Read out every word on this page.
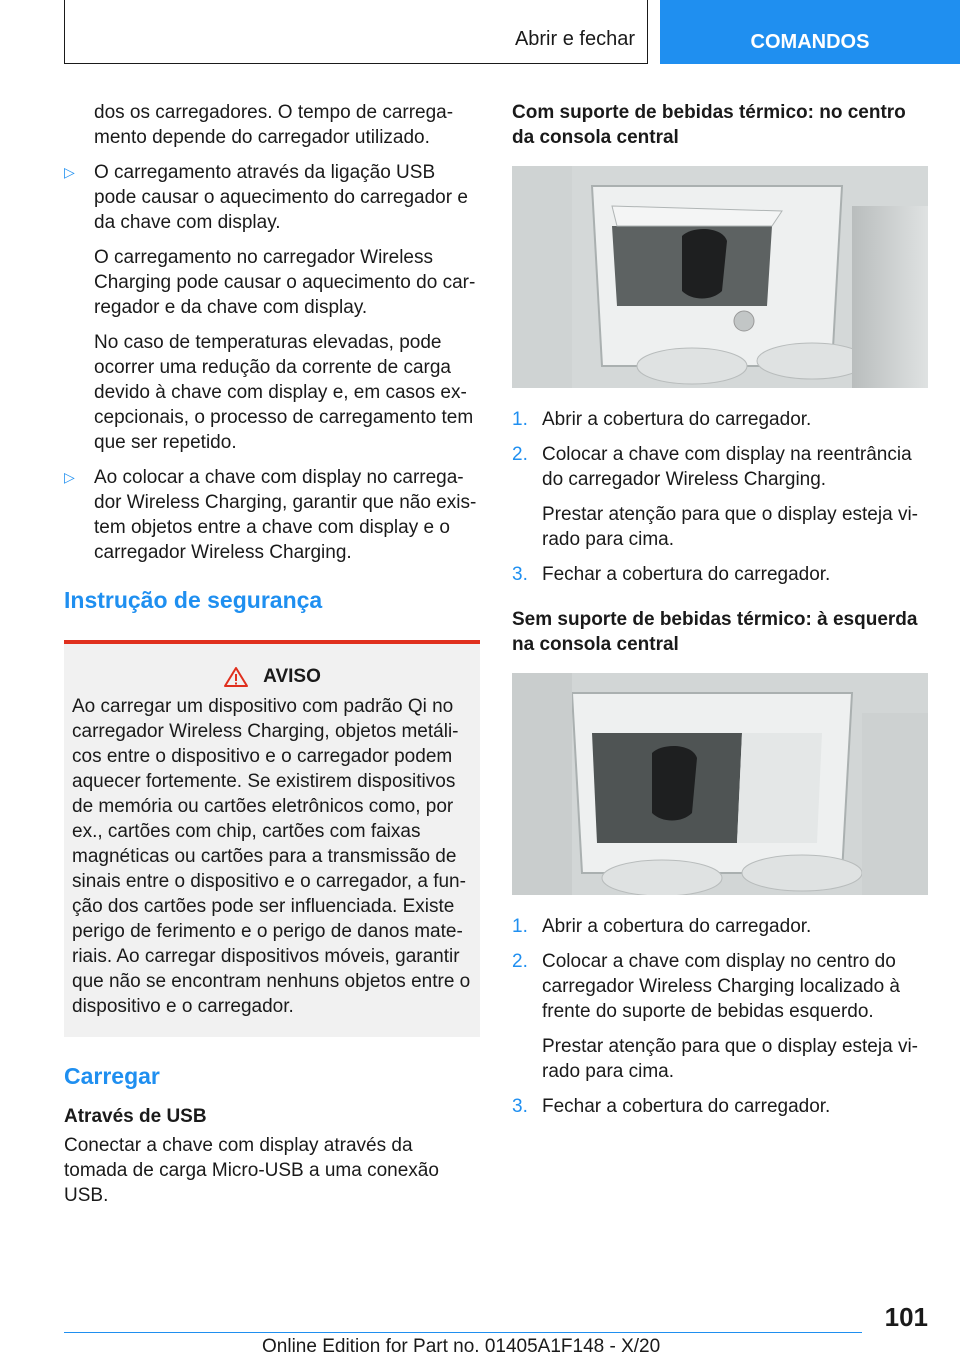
Abrir e fechar	COMANDOS

dos os carregadores. O tempo de carrega-mento depende do carregador utilizado.

▷ O carregamento através da ligação USB pode causar o aquecimento do carregador e da chave com display.

O carregamento no carregador Wireless Charging pode causar o aquecimento do car-regador e da chave com display.

No caso de temperaturas elevadas, pode ocorrer uma redução da corrente de carga devido à chave com display e, em casos ex-cepcionais, o processo de carregamento tem que ser repetido.

▷ Ao colocar a chave com display no carrega-dor Wireless Charging, garantir que não exis-tem objetos entre a chave com display e o carregador Wireless Charging.
Instrução de segurança
AVISO
Ao carregar um dispositivo com padrão Qi no carregador Wireless Charging, objetos metáli-cos entre o dispositivo e o carregador podem aquecer fortemente. Se existirem dispositivos de memória ou cartões eletrônicos como, por ex., cartões com chip, cartões com faixas magnéticas ou cartões para a transmissão de sinais entre o dispositivo e o carregador, a fun-ção dos cartões pode ser influenciada. Existe perigo de ferimento e o perigo de danos mate-riais. Ao carregar dispositivos móveis, garantir que não se encontram nenhuns objetos entre o dispositivo e o carregador.
Carregar
Através de USB

Conectar a chave com display através da tomada de carga Micro-USB a uma conexão USB.

Com suporte de bebidas térmico: no centro da consola central
1. Abrir a cobertura do carregador.
2. Colocar a chave com display na reentrância do carregador Wireless Charging.

Prestar atenção para que o display esteja vi-rado para cima.

3. Fechar a cobertura do carregador.
Sem suporte de bebidas térmico: à esquerda na consola central
1. Abrir a cobertura do carregador.
2. Colocar a chave com display no centro do carregador Wireless Charging localizado à frente do suporte de bebidas esquerdo.

Prestar atenção para que o display esteja vi-rado para cima.

3. Fechar a cobertura do carregador.
101
Online Edition for Part no. 01405A1F148 - X/20
